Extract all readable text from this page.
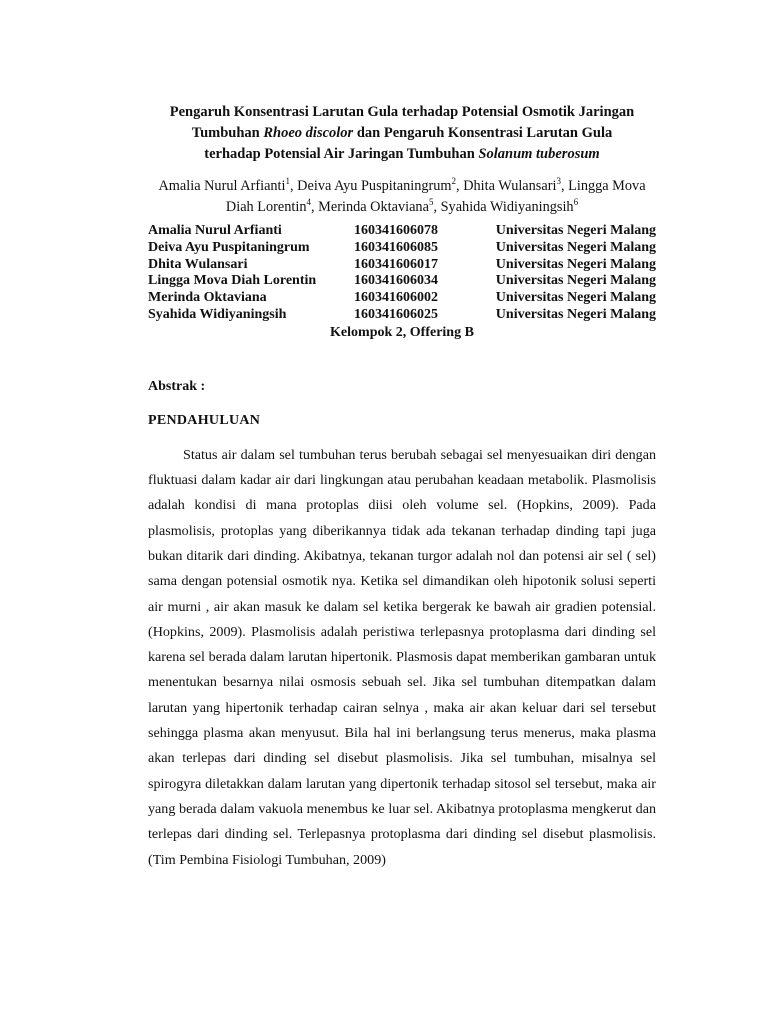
Pengaruh Konsentrasi Larutan Gula terhadap Potensial Osmotik Jaringan
Tumbuhan Rhoeo discolor dan Pengaruh Konsentrasi Larutan Gula
terhadap Potensial Air Jaringan Tumbuhan Solanum tuberosum
Amalia Nurul Arfianti$^1$, Deiva Ayu Puspitaningrum$^2$, Dhita Wulansari$^3$, Lingga Mova Diah Lorentin$^4$, Merinda Oktaviana$^5$, Syahida Widiyaningsih$^6$
Amalia Nurul Arfianti	160341606078	Universitas Negeri Malang
Deiva Ayu Puspitaningrum	160341606085	Universitas Negeri Malang
Dhita Wulansari	160341606017	Universitas Negeri Malang
Lingga Mova Diah Lorentin	160341606034	Universitas Negeri Malang
Merinda Oktaviana	160341606002	Universitas Negeri Malang
Syahida Widiyaningsih	160341606025	Universitas Negeri Malang
Kelompok 2, Offering B
Abstrak :
PENDAHULUAN

Status air dalam sel tumbuhan terus berubah sebagai sel menyesuaikan diri dengan fluktuasi dalam kadar air dari lingkungan atau perubahan keadaan metabolik. Plasmolisis adalah kondisi di mana protoplas diisi oleh volume sel. (Hopkins, 2009). Pada plasmolisis, protoplas yang diberikannya tidak ada tekanan terhadap dinding tapi juga bukan ditarik dari dinding. Akibatnya, tekanan turgor adalah nol dan potensi air sel ( sel) sama dengan potensial osmotik nya. Ketika sel dimandikan oleh hipotonik solusi seperti air murni , air akan masuk ke dalam sel ketika bergerak ke bawah air gradien potensial. (Hopkins, 2009). Plasmolisis adalah peristiwa terlepasnya protoplasma dari dinding sel karena sel berada dalam larutan hipertonik. Plasmosis dapat memberikan gambaran untuk menentukan besarnya nilai osmosis sebuah sel. Jika sel tumbuhan ditempatkan dalam larutan yang hipertonik terhadap cairan selnya , maka air akan keluar dari sel tersebut sehingga plasma akan menyusut. Bila hal ini berlangsung terus menerus, maka plasma akan terlepas dari dinding sel disebut plasmolisis. Jika sel tumbuhan, misalnya sel spirogyra diletakkan dalam larutan yang dipertonik terhadap sitosol sel tersebut, maka air yang berada dalam vakuola menembus ke luar sel. Akibatnya protoplasma mengkerut dan terlepas dari dinding sel. Terlepasnya protoplasma dari dinding sel disebut plasmolisis. (Tim Pembina Fisiologi Tumbuhan, 2009)
